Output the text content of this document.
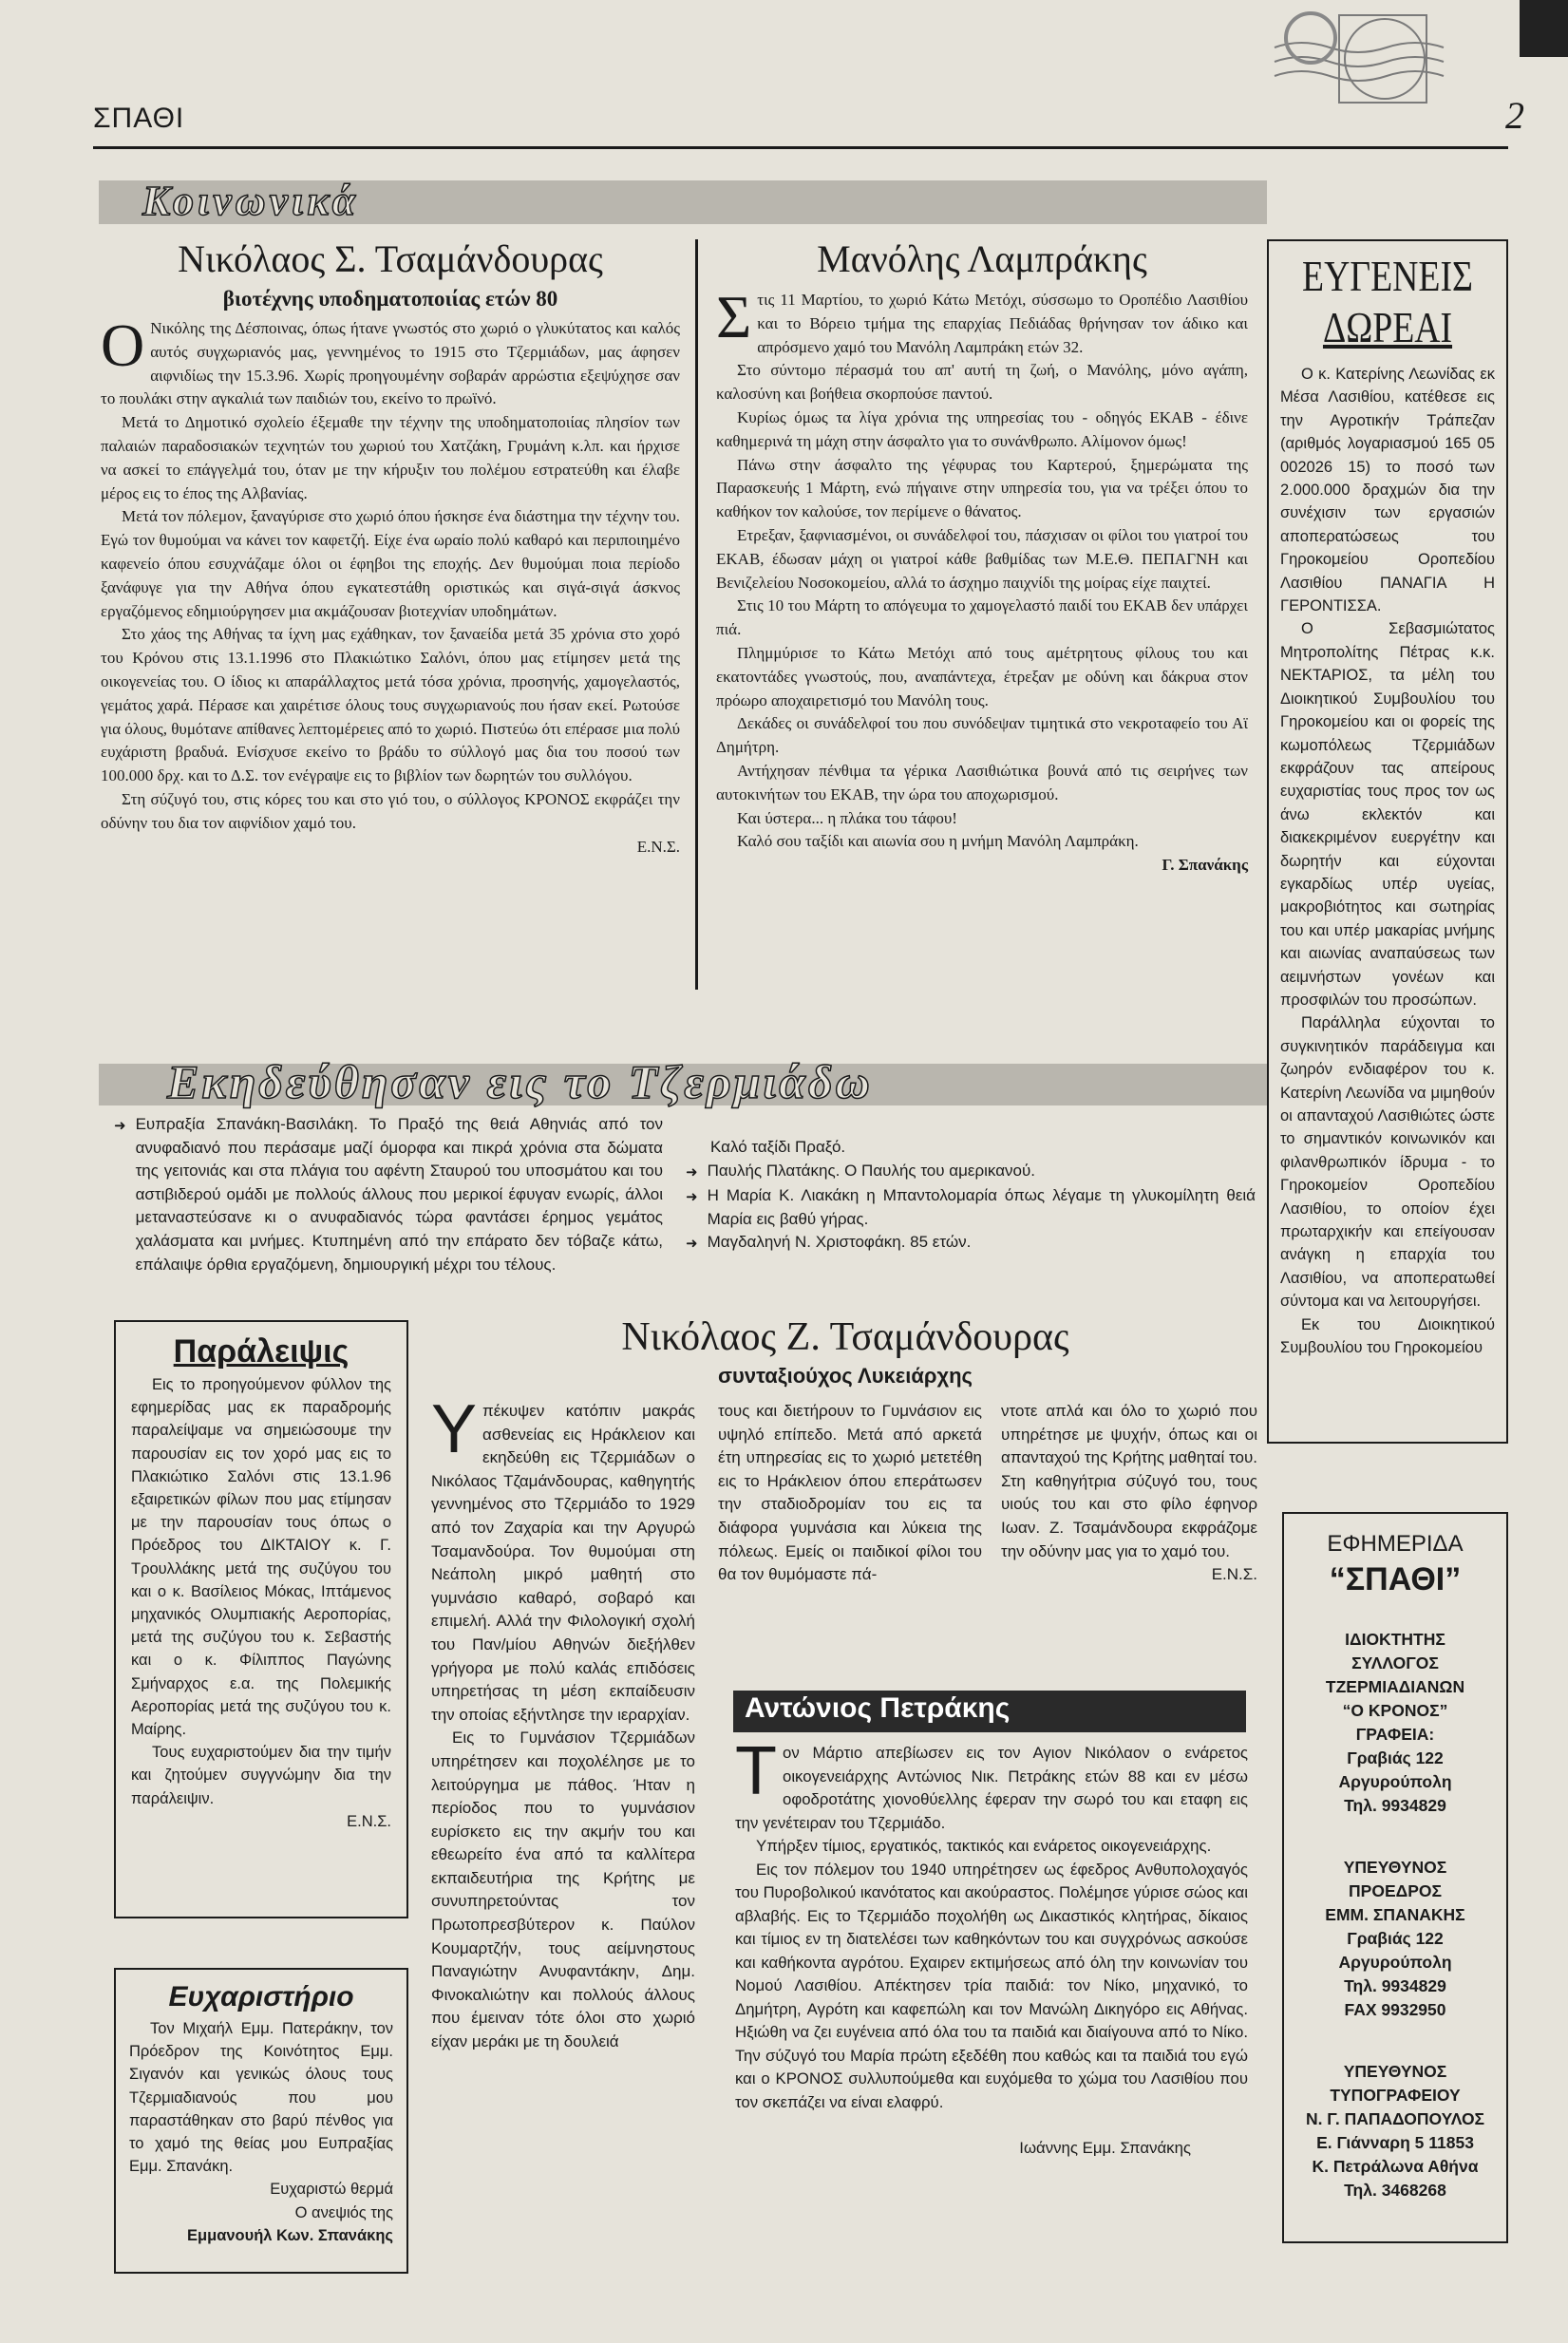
ΣΠΑΘΙ	2
Κοινωνικά
Νικόλαος Σ. Τσαμάνδουρας
βιοτέχνης υποδηματοποιίας ετών 80
Ο Νικόλης της Δέσποινας, όπως ήτανε γνωστός στο χωριό ο γλυκύτατος και καλός αυτός συγχωριανός μας, γεννημένος το 1915 στο Τζερμιάδων, μας άφησεν αιφνιδίως την 15.3.96. Χωρίς προηγουμένην σοβαράν αρρώστια εξεψύχησε σαν το πουλάκι στην αγκαλιά των παιδιών του, εκείνο το πρωϊνό.

Μετά το Δημοτικό σχολείο έξεμαθε την τέχνην της υποδηματοποιίας πλησίον των παλαιών παραδοσιακών τεχνητών του χωριού του Χατζάκη, Γρυμάνη κ.λπ. και ήρχισε να ασκεί το επάγγελμά του, όταν με την κήρυξιν του πολέμου εστρατεύθη και έλαβε μέρος εις το έπος της Αλβανίας.

Μετά τον πόλεμον, ξαναγύρισε στο χωριό όπου ήσκησε ένα διάστημα την τέχνην του. Εγώ τον θυμούμαι να κάνει τον καφετζή. Είχε ένα ωραίο πολύ καθαρό και περιποιημένο καφενείο όπου εσυχνάζαμε όλοι οι έφηβοι της εποχής. Δεν θυμούμαι ποια περίοδο ξανάφυγε για την Αθήνα όπου εγκατεστάθη οριστικώς και σιγά-σιγά άσκνος εργαζόμενος εδημιούργησεν μια ακμάζουσαν βιοτεχνίαν υποδημάτων.

Στο χάος της Αθήνας τα ίχνη μας εχάθηκαν, τον ξαναείδα μετά 35 χρόνια στο χορό του Κρόνου στις 13.1.1996 στο Πλακιώτικο Σαλόνι, όπου μας ετίμησεν μετά της οικογενείας του. Ο ίδιος κι απαράλλαχτος μετά τόσα χρόνια, προσηνής, χαμογελαστός, γεμάτος χαρά. Πέρασε και χαιρέτισε όλους τους συγχωριανούς που ήσαν εκεί. Ρωτούσε για όλους, θυμότανε απίθανες λεπτομέρειες από το χωριό. Πιστεύω ότι επέρασε μια πολύ ευχάριστη βραδυά. Ενίσχυσε εκείνο το βράδυ το σύλλογό μας δια του ποσού των 100.000 δρχ. και το Δ.Σ. τον ενέγραψε εις το βιβλίον των δωρητών του συλλόγου.

Στη σύζυγό του, στις κόρες του και στο γιό του, ο σύλλογος ΚΡΟΝΟΣ εκφράζει την οδύνην του δια τον αιφνίδιον χαμό του.

Ε.Ν.Σ.

Μανόλης Λαμπράκης
Σ τις 11 Μαρτίου, το χωριό Κάτω Μετόχι, σύσσωμο το Οροπέδιο Λασιθίου και το Βόρειο τμήμα της επαρχίας Πεδιάδας θρήνησαν τον άδικο και απρόσμενο χαμό του Μανόλη Λαμπράκη ετών 32.

Στο σύντομο πέρασμά του απ' αυτή τη ζωή, ο Μανόλης, μόνο αγάπη, καλοσύνη και βοήθεια σκορπούσε παντού.

Κυρίως όμως τα λίγα χρόνια της υπηρεσίας του - οδηγός ΕΚΑΒ - έδινε καθημερινά τη μάχη στην άσφαλτο για το συνάνθρωπο. Αλίμονον όμως!

Πάνω στην άσφαλτο της γέφυρας του Καρτερού, ξημερώματα της Παρασκευής 1 Μάρτη, ενώ πήγαινε στην υπηρεσία του, για να τρέξει όπου το καθήκον τον καλούσε, τον περίμενε ο θάνατος.

Ετρεξαν, ξαφνιασμένοι, οι συνάδελφοί του, πάσχισαν οι φίλοι του γιατροί του ΕΚΑΒ, έδωσαν μάχη οι γιατροί κάθε βαθμίδας των Μ.Ε.Θ. ΠΕΠΑΓΝΗ και Βενιζελείου Νοσοκομείου, αλλά το άσχημο παιχνίδι της μοίρας είχε παιχτεί.

Στις 10 του Μάρτη το απόγευμα το χαμογελαστό παιδί του ΕΚΑΒ δεν υπάρχει πιά.

Πλημμύρισε το Κάτω Μετόχι από τους αμέτρητους φίλους του και εκατοντάδες γνωστούς, που, αναπάντεχα, έτρεξαν με οδύνη και δάκρυα στον πρόωρο αποχαιρετισμό του Μανόλη τους.

Δεκάδες οι συνάδελφοί του που συνόδεψαν τιμητικά στο νεκροταφείο του Αϊ Δημήτρη.

Αντήχησαν πένθιμα τα γέρικα Λασιθιώτικα βουνά από τις σειρήνες των αυτοκινήτων του ΕΚΑΒ, την ώρα του αποχωρισμού.

Και ύστερα... η πλάκα του τάφου!

Καλό σου ταξίδι και αιωνία σου η μνήμη Μανόλη Λαμπράκη.

Γ. Σπανάκης

ΕΥΓΕΝΕΙΣ
ΔΩΡΕΑΙ

Ο κ. Κατερίνης Λεωνίδας εκ Μέσα Λασιθίου, κατέθεσε εις την Αγροτικήν Τράπεζαν (αριθμός λογαριασμού 165 05 002026 15) το ποσό των 2.000.000 δραχμών δια την συνέχισιν των εργασιών αποπερατώσεως του Γηροκομείου Οροπεδίου Λασιθίου ΠΑΝΑΓΙΑ Η ΓΕΡΟΝΤΙΣΣΑ.

Ο Σεβασμιώτατος Μητροπολίτης Πέτρας κ.κ. ΝΕΚΤΑΡΙΟΣ, τα μέλη του Διοικητικού Συμβουλίου του Γηροκομείου και οι φορείς της κωμοπόλεως Τζερμιάδων εκφράζουν τας απείρους ευχαριστίας τους προς τον ως άνω εκλεκτόν και διακεκριμένον ευεργέτην και δωρητήν και εύχονται εγκαρδίως υπέρ υγείας, μακροβιότητος και σωτηρίας του και υπέρ μακαρίας μνήμης και αιωνίας αναπαύσεως των αειμνήστων γονέων και προσφιλών του προσώπων.

Παράλληλα εύχονται το συγκινητικόν παράδειγμα και ζωηρόν ενδιαφέρον του κ. Κατερίνη Λεωνίδα να μιμηθούν οι απανταχού Λασιθιώτες ώστε το σημαντικόν κοινωνικόν και φιλανθρωπικόν ίδρυμα - το Γηροκομείον Οροπεδίου Λασιθίου, το οποίον έχει πρωταρχικήν και επείγουσαν ανάγκη η επαρχία του Λασιθίου, να αποπερατωθεί σύντομα και να λειτουργήσει.

Εκ του Διοικητικού Συμβουλίου του Γηροκομείου

Εκηδεύθησαν εις το Τζερμιάδω
➜ Ευπραξία Σπανάκη-Βασιλάκη. Το Πραξό της θειά Αθηνιάς από τον ανυφαδιανό που περάσαμε μαζί όμορφα και πικρά χρόνια στα δώματα της γειτονιάς και στα πλάγια του αφέντη Σταυρού του υποσμάτου και του αστιβιδερού ομάδι με πολλούς άλλους που μερικοί έφυγαν ενωρίς, άλλοι μεταναστεύσανε κι ο ανυφαδιανός τώρα φαντάσει έρημος γεμάτος χαλάσματα και μνήμες. Κτυπημένη από την επάρατο δεν τόβαζε κάτω, επάλαιψε όρθια εργαζόμενη, δημιουργική μέχρι του τέλους.

Καλό ταξίδι Πραξό.

➜ Παυλής Πλατάκης. Ο Παυλής του αμερικανού.
➜ Η Μαρία Κ. Λιακάκη η Μπαντολομαρία όπως λέγαμε τη γλυκομίλητη θειά Μαρία εις βαθύ γήρας.
➜ Μαγδαληνή Ν. Χριστοφάκη. 85 ετών.
Παράλειψις

Εις το προηγούμενον φύλλον της εφημερίδας μας εκ παραδρομής παραλείψαμε να σημειώσουμε την παρουσίαν εις τον χορό μας εις το Πλακιώτικο Σαλόνι στις 13.1.96 εξαιρετικών φίλων που μας ετίμησαν με την παρουσίαν τους όπως ο Πρόεδρος του ΔΙΚΤΑΙΟΥ κ. Γ. Τρουλλάκης μετά της συζύγου του και ο κ. Βασίλειος Μόκας, Ιπτάμενος μηχανικός Ολυμπιακής Αεροπορίας, μετά της συζύγου του κ. Σεβαστής και ο κ. Φίλιππος Παγώνης Σμήναρχος ε.α. της Πολεμικής Αεροπορίας μετά της συζύγου του κ. Μαίρης.

Τους ευχαριστούμεν δια την τιμήν και ζητούμεν συγγνώμην δια την παράλειψιν.

Ε.Ν.Σ.

Ευχαριστήριο

Τον Μιχαήλ Εμμ. Πατεράκην, τον Πρόεδρον της Κοινότητος Εμμ. Σιγανόν και γενικώς όλους τους Τζερμιαδιανούς που μου παραστάθηκαν στο βαρύ πένθος για το χαμό της θείας μου Ευπραξίας Εμμ. Σπανάκη.

Ευχαριστώ θερμά

Ο ανεψιός της

Εμμανουήλ Κων. Σπανάκης

Νικόλαος Ζ. Τσαμάνδουρας
συνταξιούχος Λυκειάρχης
Υ πέκυψεν κατόπιν μακράς ασθενείας εις Ηράκλειον και εκηδεύθη εις Τζερμιάδων ο Νικόλαος Τζαμάνδουρας, καθηγητής γεννημένος στο Τζερμιάδο το 1929 από τον Ζαχαρία και την Αργυρώ Τσαμανδούρα. Τον θυμούμαι στη Νεάπολη μικρό μαθητή στο γυμνάσιο καθαρό, σοβαρό και επιμελή. Αλλά την Φιλολογική σχολή του Παν/μίου Αθηνών διεξήλθεν γρήγορα με πολύ καλάς επιδόσεις υπηρετήσας τη μέση εκπαίδευσιν την οποίας εξήντλησε την ιεραρχίαν.

Εις το Γυμνάσιον Τζερμιάδων υπηρέτησεν και ποχολέλησε με το λειτούργημα με πάθος. Ήταν η περίοδος που το γυμνάσιον ευρίσκετο εις την ακμήν του και εθεωρείτο ένα από τα καλλίτερα εκπαιδευτήρια της Κρήτης με συνυπηρετούντας τον Πρωτοπρεσβύτερον κ. Παύλον Κουμαρτζήν, τους αείμνηστους Παναγιώτην Ανυφαντάκην, Δημ. Φινοκαλιώτην και πολλούς άλλους που έμειναν τότε όλοι στο χωριό είχαν μεράκι με τη δουλειά

τους και διετήρουν το Γυμνάσιον εις υψηλό επίπεδο. Μετά από αρκετά έτη υπηρεσίας εις το χωριό μετετέθη εις το Ηράκλειον όπου επεράτωσεν την σταδιοδρομίαν του εις τα διάφορα γυμνάσια και λύκεια της πόλεως. Εμείς οι παιδικοί φίλοι του θα τον θυμόμαστε πά-

ντοτε απλά και όλο το χωριό που υπηρέτησε με ψυχήν, όπως και οι απανταχού της Κρήτης μαθηταί του. Στη καθηγήτρια σύζυγό του, τους υιούς του και στο φίλο έφηνορ Ιωαν. Ζ. Τσαμάνδουρα εκφράζομε την οδύνην μας για το χαμό του.

Ε.Ν.Σ.

Αντώνιος Πετράκης
Τ ον Μάρτιο απεβίωσεν εις τον Αγιον Νικόλαον ο ενάρετος οικογενειάρχης Αντώνιος Νικ. Πετράκης ετών 88 και εν μέσω οφοδροτάτης χιονοθύελλης έφεραν την σωρό του και εταφη εις την γενέτειραν του Τζερμιάδο.

Υπήρξεν τίμιος, εργατικός, τακτικός και ενάρετος οικογενειάρχης.

Εις τον πόλεμον του 1940 υπηρέτησεν ως έφεδρος Ανθυπολοχαγός του Πυροβολικού ικανότατος και ακούραστος. Πολέμησε γύρισε σώος και αβλαβής. Εις το Τζερμιάδο ποχολήθη ως Δικαστικός κλητήρας, δίκαιος και τίμιος εν τη διατελέσει των καθηκόντων του και συγχρόνως ασκούσε και καθήκοντα αγρότου. Εχαιρεν εκτιμήσεως από όλη την κοινωνίαν του Νομού Λασιθίου. Απέκτησεν τρία παιδιά: τον Νίκο, μηχανικό, το Δημήτρη, Αγρότη και καφεπώλη και τον Μανώλη Δικηγόρο εις Αθήνας. Ηξιώθη να ζει ευγένεια από όλα του τα παιδιά και διαίγουνα από το Νίκο. Την σύζυγό του Μαρία πρώτη εξεδέθη που καθώς και τα παιδιά του εγώ και ο ΚΡΟΝΟΣ συλλυπούμεθα και ευχόμεθα το χώμα του Λασιθίου που τον σκεπάζει να είναι ελαφρύ.

Ιωάννης Εμμ. Σπανάκης

ΕΦΗΜΕΡΙΔΑ
“ΣΠΑΘΙ”
ΙΔΙΟΚΤΗΤΗΣ
ΣΥΛΛΟΓΟΣ
ΤΖΕΡΜΙΑΔΙΑΝΩΝ
“Ο ΚΡΟΝΟΣ”
ΓΡΑΦΕΙΑ:
Γραβιάς 122
Αργυρούπολη
Τηλ. 9934829
ΥΠΕΥΘΥΝΟΣ
ΠΡΟΕΔΡΟΣ
ΕΜΜ. ΣΠΑΝΑΚΗΣ
Γραβιάς 122
Αργυρούπολη
Τηλ. 9934829
FAX 9932950
ΥΠΕΥΘΥΝΟΣ
ΤΥΠΟΓΡΑΦΕΙΟΥ
Ν. Γ. ΠΑΠΑΔΟΠΟΥΛΟΣ
Ε. Γιάνναρη 5 11853
Κ. Πετράλωνα Αθήνα
Τηλ. 3468268
